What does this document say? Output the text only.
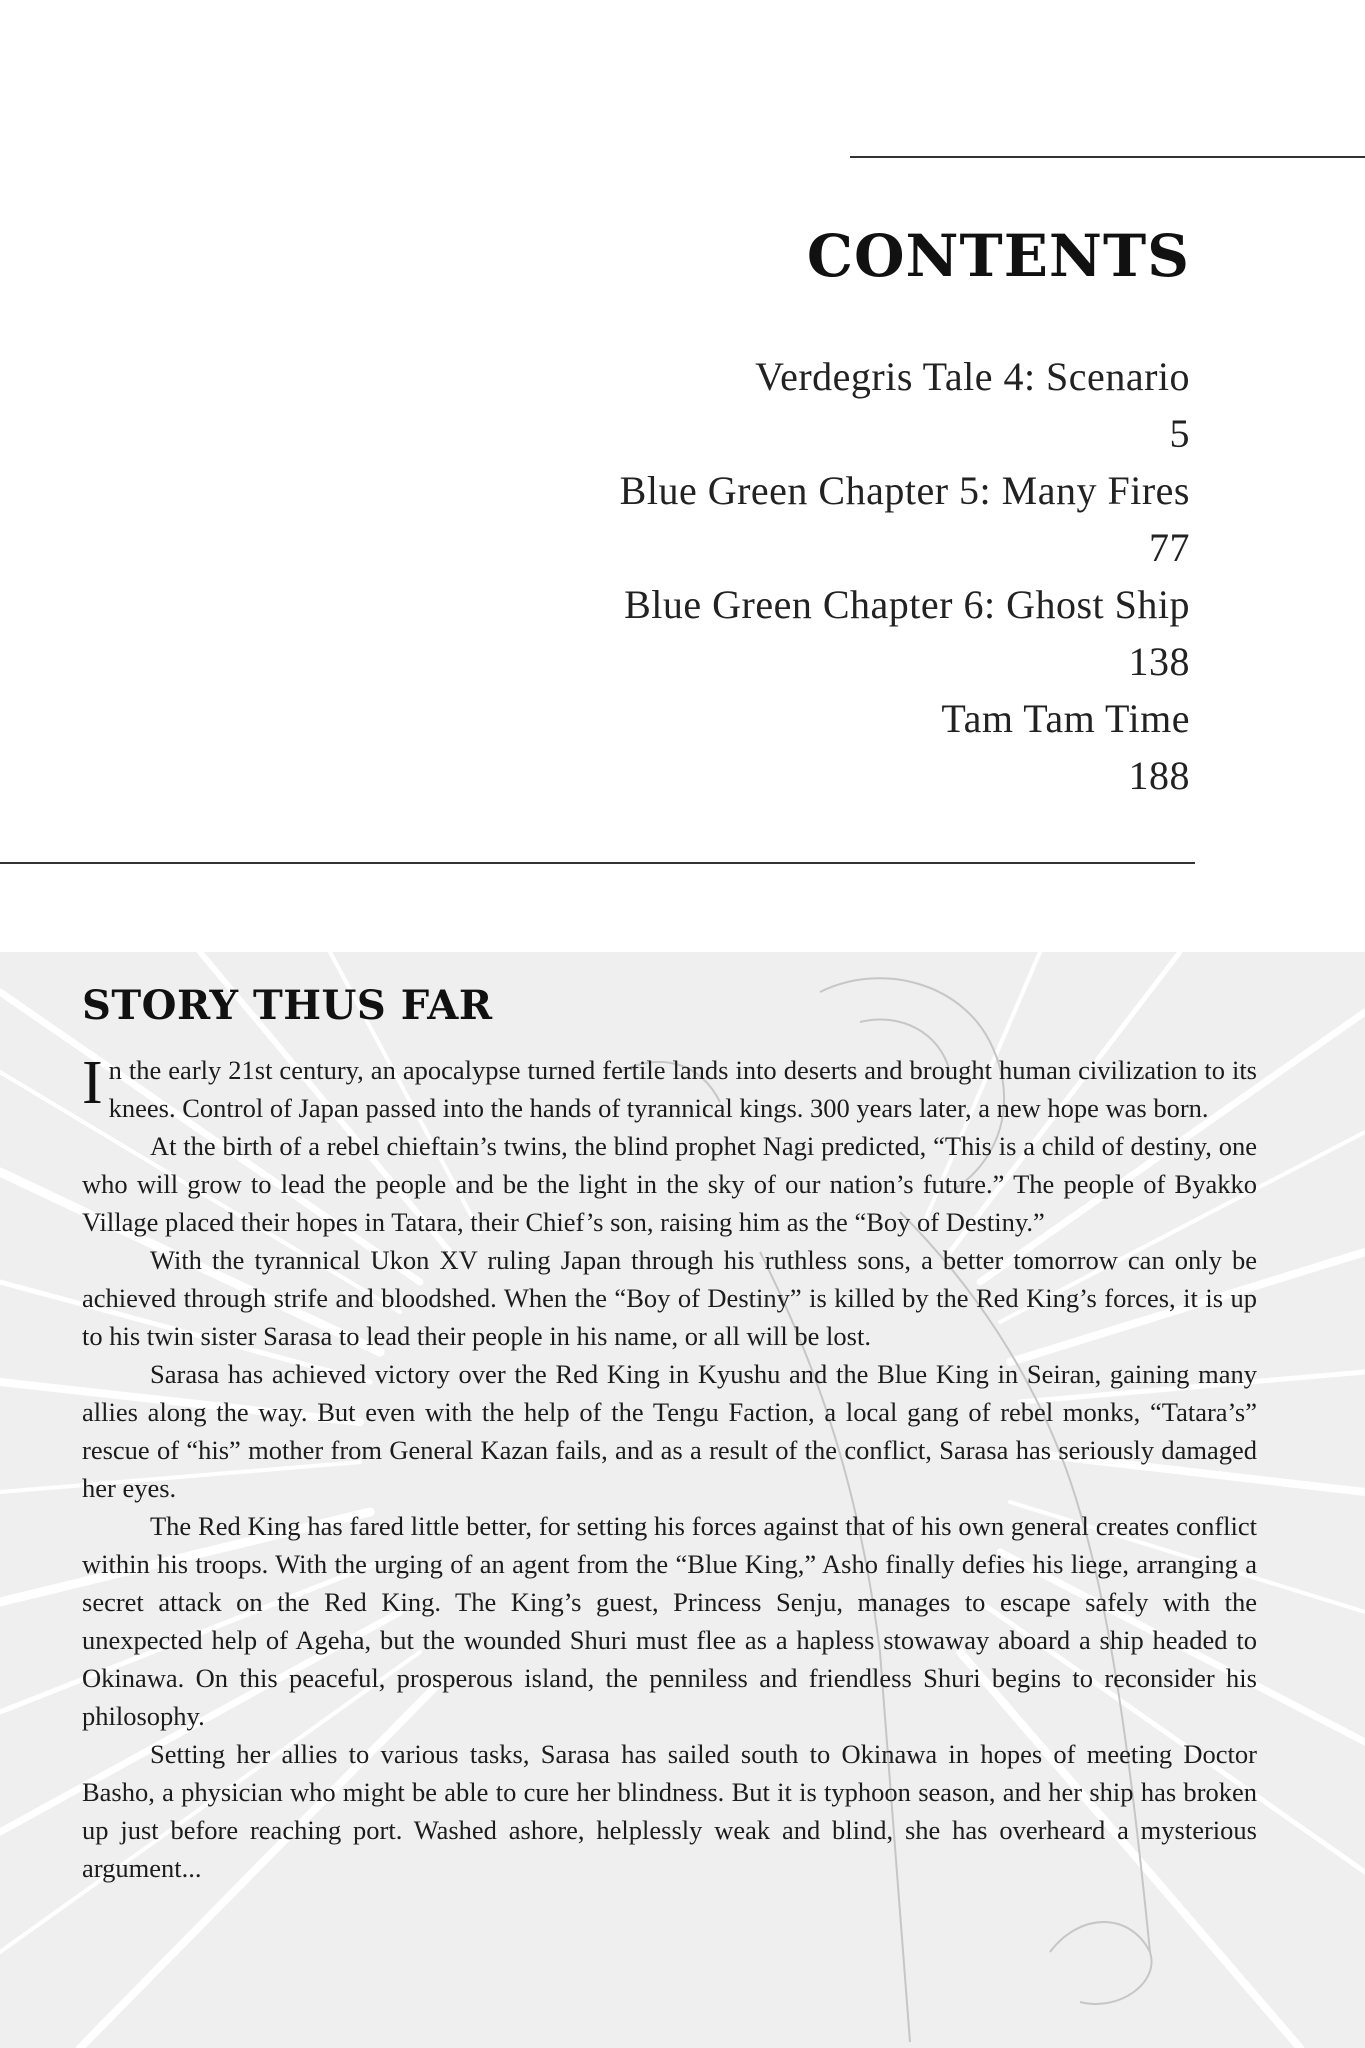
CONTENTS
Verdegris Tale 4: Scenario
5
Blue Green Chapter 5: Many Fires
77
Blue Green Chapter 6: Ghost Ship
138
Tam Tam Time
188
STORY THUS FAR

In the early 21st century, an apocalypse turned fertile lands into deserts and brought human civilization to its knees. Control of Japan passed into the hands of tyrannical kings. 300 years later, a new hope was born.

At the birth of a rebel chieftain’s twins, the blind prophet Nagi predicted, “This is a child of destiny, one who will grow to lead the people and be the light in the sky of our nation’s future.” The people of Byakko Village placed their hopes in Tatara, their Chief’s son, raising him as the “Boy of Destiny.”

With the tyrannical Ukon XV ruling Japan through his ruthless sons, a better tomorrow can only be achieved through strife and bloodshed. When the “Boy of Destiny” is killed by the Red King’s forces, it is up to his twin sister Sarasa to lead their people in his name, or all will be lost.

Sarasa has achieved victory over the Red King in Kyushu and the Blue King in Seiran, gaining many allies along the way. But even with the help of the Tengu Faction, a local gang of rebel monks, “Tatara’s” rescue of “his” mother from General Kazan fails, and as a result of the conflict, Sarasa has seriously damaged her eyes.

The Red King has fared little better, for setting his forces against that of his own general creates conflict within his troops. With the urging of an agent from the “Blue King,” Asho finally defies his liege, arranging a secret attack on the Red King. The King’s guest, Princess Senju, manages to escape safely with the unexpected help of Ageha, but the wounded Shuri must flee as a hapless stowaway aboard a ship headed to Okinawa. On this peaceful, prosperous island, the penniless and friendless Shuri begins to reconsider his philosophy.

Setting her allies to various tasks, Sarasa has sailed south to Okinawa in hopes of meeting Doctor Basho, a physician who might be able to cure her blindness. But it is typhoon season, and her ship has broken up just before reaching port. Washed ashore, helplessly weak and blind, she has overheard a mysterious argument...
